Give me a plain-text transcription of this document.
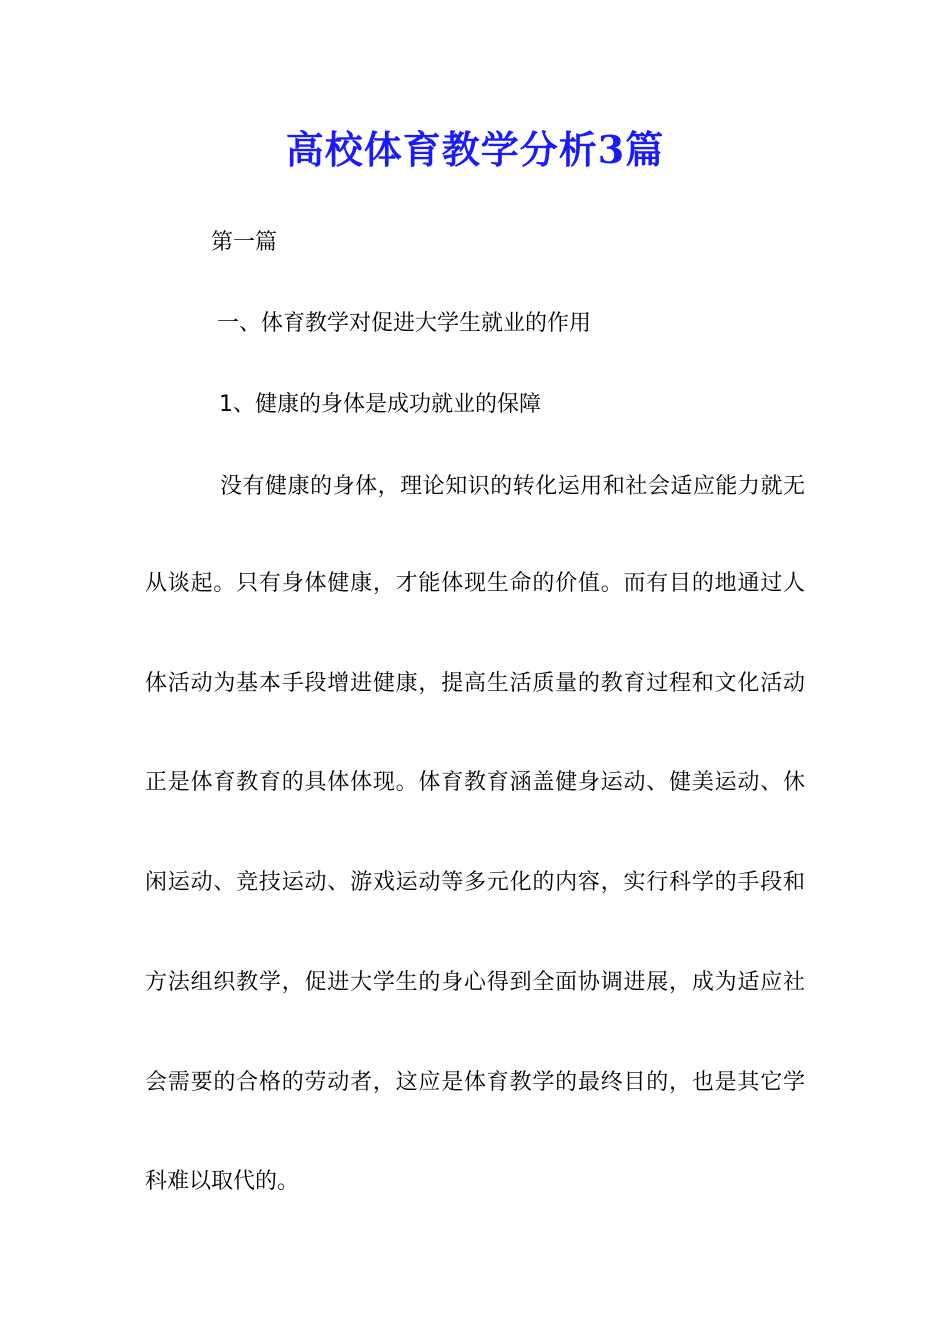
高校体育教学分析3篇
第一篇
一、体育教学对促进大学生就业的作用
1、健康的身体是成功就业的保障
没有健康的身体，理论知识的转化运用和社会适应能力就无
从谈起。只有身体健康，才能体现生命的价值。而有目的地通过人
体活动为基本手段增进健康，提高生活质量的教育过程和文化活动
正是体育教育的具体体现。体育教育涵盖健身运动、健美运动、休
闲运动、竞技运动、游戏运动等多元化的内容，实行科学的手段和
方法组织教学，促进大学生的身心得到全面协调进展，成为适应社
会需要的合格的劳动者，这应是体育教学的最终目的，也是其它学
科难以取代的。
